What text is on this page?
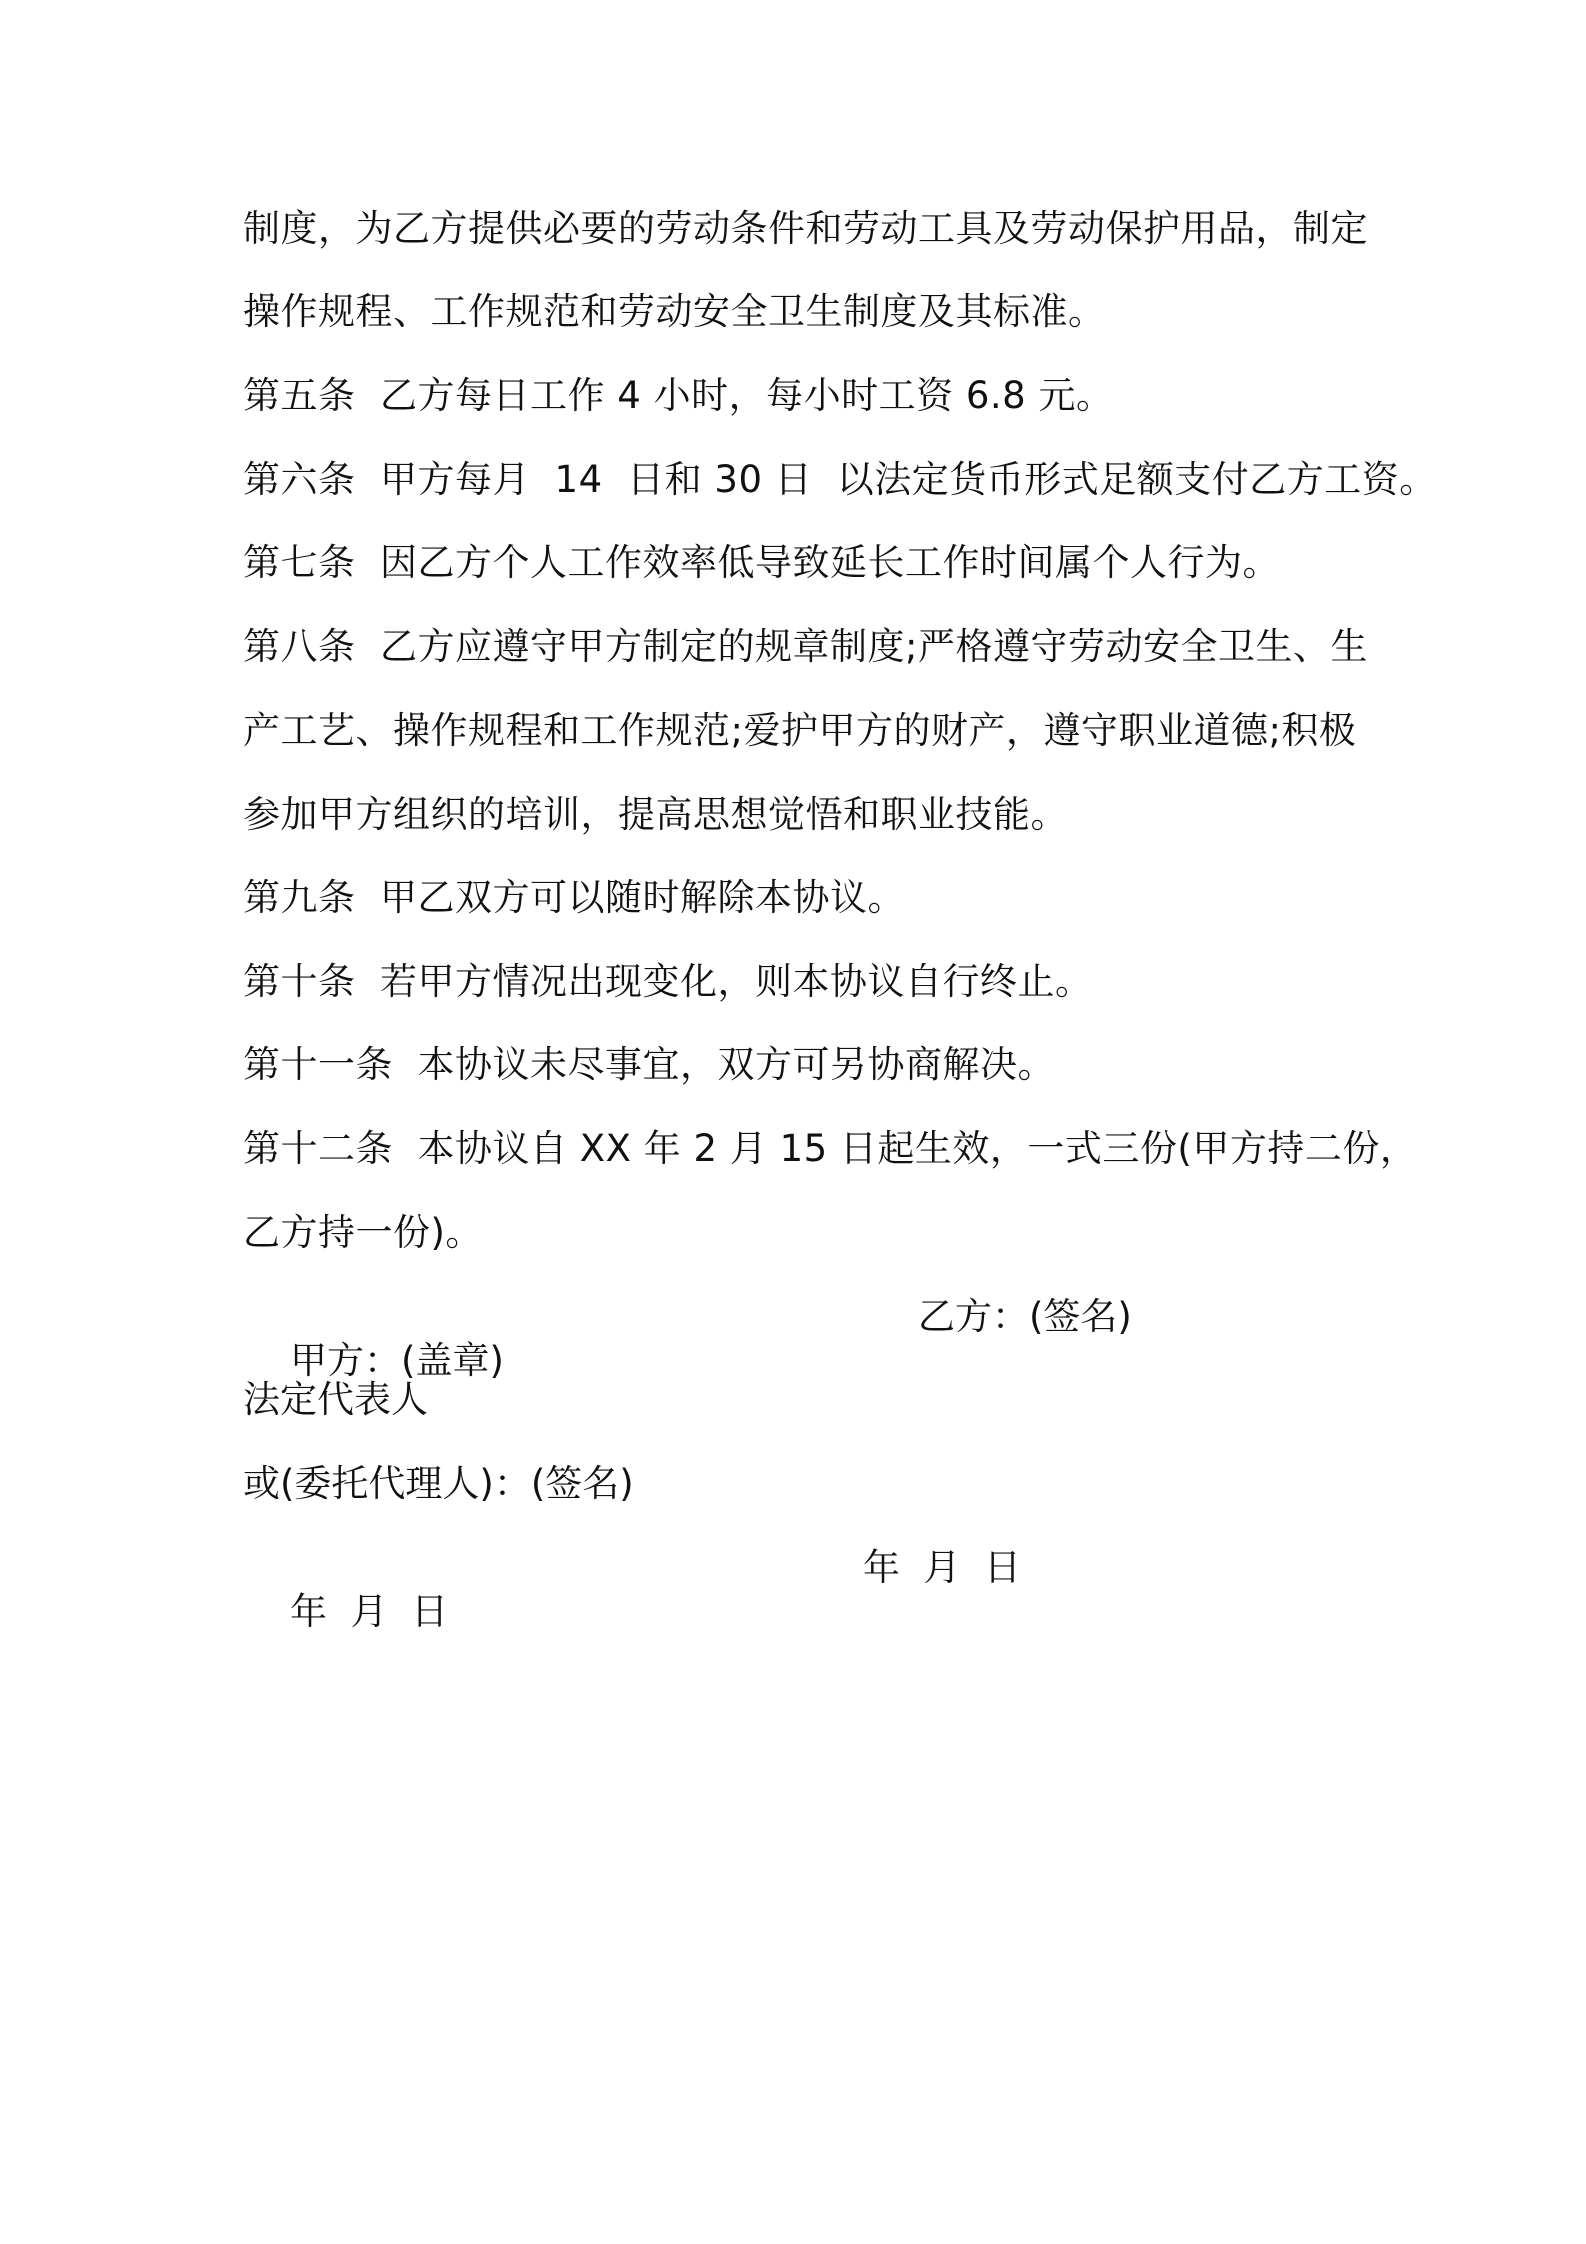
制度，为乙方提供必要的劳动条件和劳动工具及劳动保护用品，制定
操作规程、工作规范和劳动安全卫生制度及其标准。
第五条  乙方每日工作 4 小时，每小时工资 6.8 元。
第六条  甲方每月  14  日和 30 日  以法定货币形式足额支付乙方工资。
第七条  因乙方个人工作效率低导致延长工作时间属个人行为。
第八条  乙方应遵守甲方制定的规章制度;严格遵守劳动安全卫生、生
产工艺、操作规程和工作规范;爱护甲方的财产，遵守职业道德;积极
参加甲方组织的培训，提高思想觉悟和职业技能。
第九条  甲乙双方可以随时解除本协议。
第十条  若甲方情况出现变化，则本协议自行终止。
第十一条  本协议未尽事宜，双方可另协商解决。
第十二条  本协议自 XX 年 2 月 15 日起生效，一式三份(甲方持二份，
乙方持一份)。

甲方：(盖章)

乙方：(签名)

法定代表人
或(委托代理人)：(签名)

年  月  日

年  月  日
